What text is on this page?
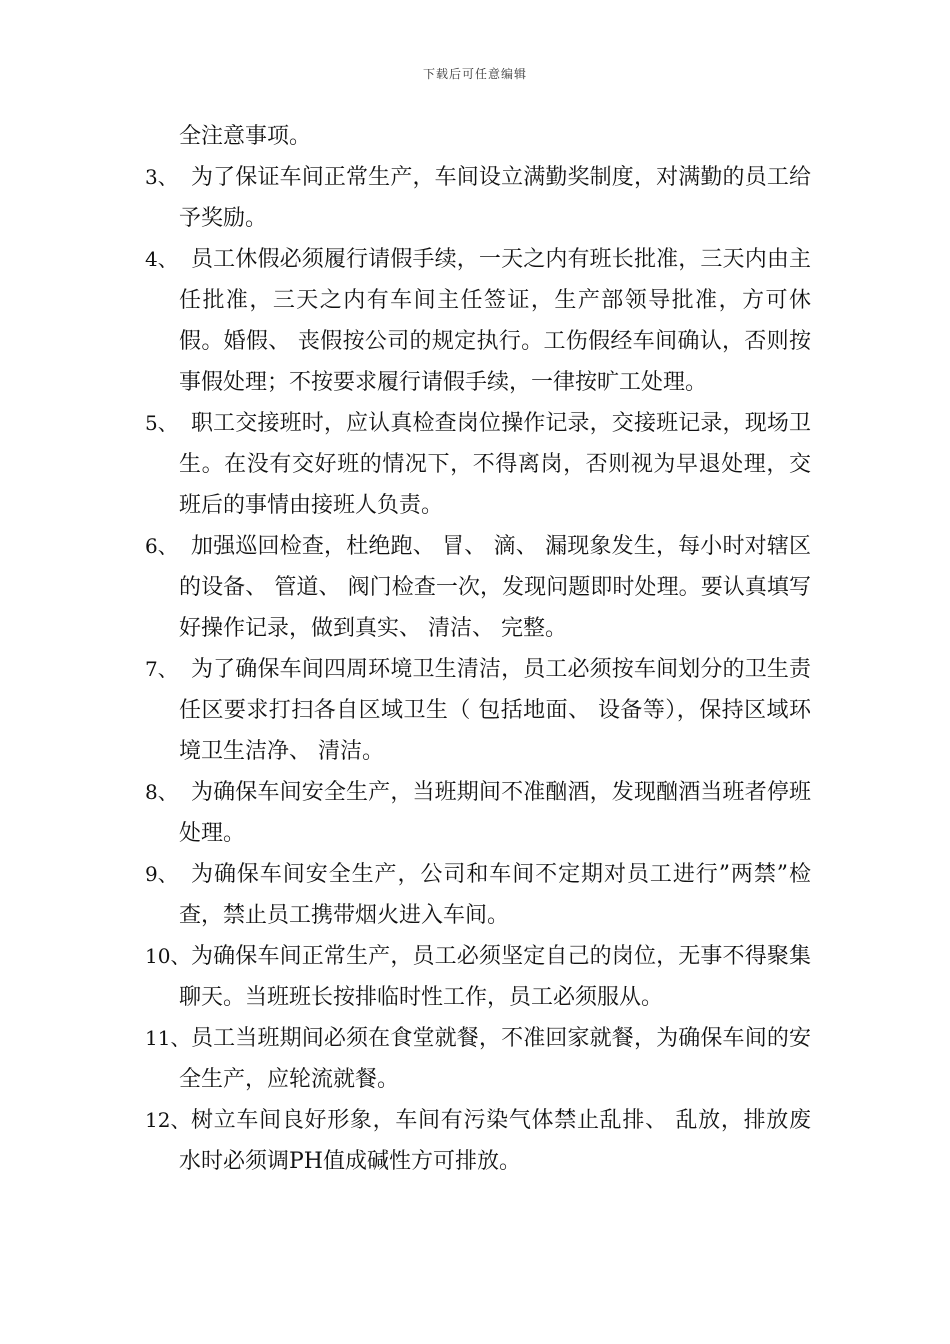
下载后可任意编辑
全注意事项。
3、 为了保证车间正常生产，车间设立满勤奖制度，对满勤的员工给予奖励。
4、 员工休假必须履行请假手续，一天之内有班长批准，三天内由主任批准，三天之内有车间主任签证，生产部领导批准，方可休假。婚假、 丧假按公司的规定执行。工伤假经车间确认，否则按事假处理；不按要求履行请假手续，一律按旷工处理。
5、 职工交接班时，应认真检查岗位操作记录，交接班记录，现场卫生。在没有交好班的情况下，不得离岗，否则视为早退处理，交班后的事情由接班人负责。
6、 加强巡回检查，杜绝跑、 冒、 滴、 漏现象发生，每小时对辖区的设备、 管道、 阀门检查一次，发现问题即时处理。要认真填写好操作记录，做到真实、 清洁、 完整。
7、 为了确保车间四周环境卫生清洁，员工必须按车间划分的卫生责任区要求打扫各自区域卫生（ 包括地面、 设备等），保持区域环境卫生洁净、 清洁。
8、 为确保车间安全生产，当班期间不准酗酒，发现酗酒当班者停班处理。
9、 为确保车间安全生产，公司和车间不定期对员工进行”两禁”检查，禁止员工携带烟火进入车间。
10、 为确保车间正常生产，员工必须坚定自己的岗位，无事不得聚集聊天。当班班长按排临时性工作，员工必须服从。
11、 员工当班期间必须在食堂就餐，不准回家就餐，为确保车间的安全生产，应轮流就餐。
12、 树立车间良好形象，车间有污染气体禁止乱排、 乱放，排放废水时必须调PH值成碱性方可排放。
